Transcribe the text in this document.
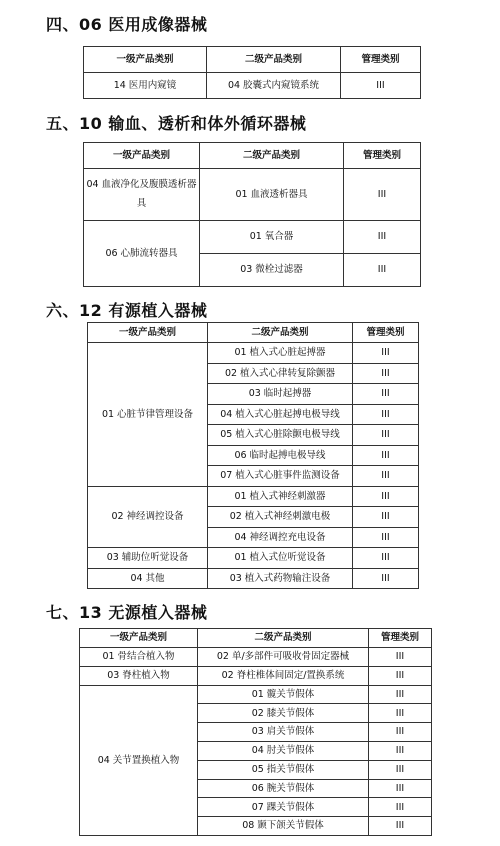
四、06 医用成像器械
一级产品类别	二级产品类别	管理类别
14 医用内窥镜	04 胶囊式内窥镜系统	III
五、10 输血、透析和体外循环器械
一级产品类别	二级产品类别	管理类别
04 血液净化及腹膜透析器具	01 血液透析器具	III
06 心肺流转器具	01 氧合器	III
	03 微栓过滤器	III
六、12 有源植入器械
一级产品类别	二级产品类别	管理类别
01 心脏节律管理设备	01 植入式心脏起搏器	III
	02 植入式心律转复除颤器	III
	03 临时起搏器	III
	04 植入式心脏起搏电极导线	III
	05 植入式心脏除颤电极导线	III
	06 临时起搏电极导线	III
	07 植入式心脏事件监测设备	III
02 神经调控设备	01 植入式神经刺激器	III
	02 植入式神经刺激电极	III
	04 神经调控充电设备	III
03 辅助位听觉设备	01 植入式位听觉设备	III
04 其他	03 植入式药物输注设备	III
七、13 无源植入器械
一级产品类别	二级产品类别	管理类别
01 骨结合植入物	02 单/多部件可吸收骨固定器械	III
03 脊柱植入物	02 脊柱椎体间固定/置换系统	III
04 关节置换植入物	01 髋关节假体	III
	02 膝关节假体	III
	03 肩关节假体	III
	04 肘关节假体	III
	05 指关节假体	III
	06 腕关节假体	III
	07 踝关节假体	III
	08 颞下颌关节假体	III
